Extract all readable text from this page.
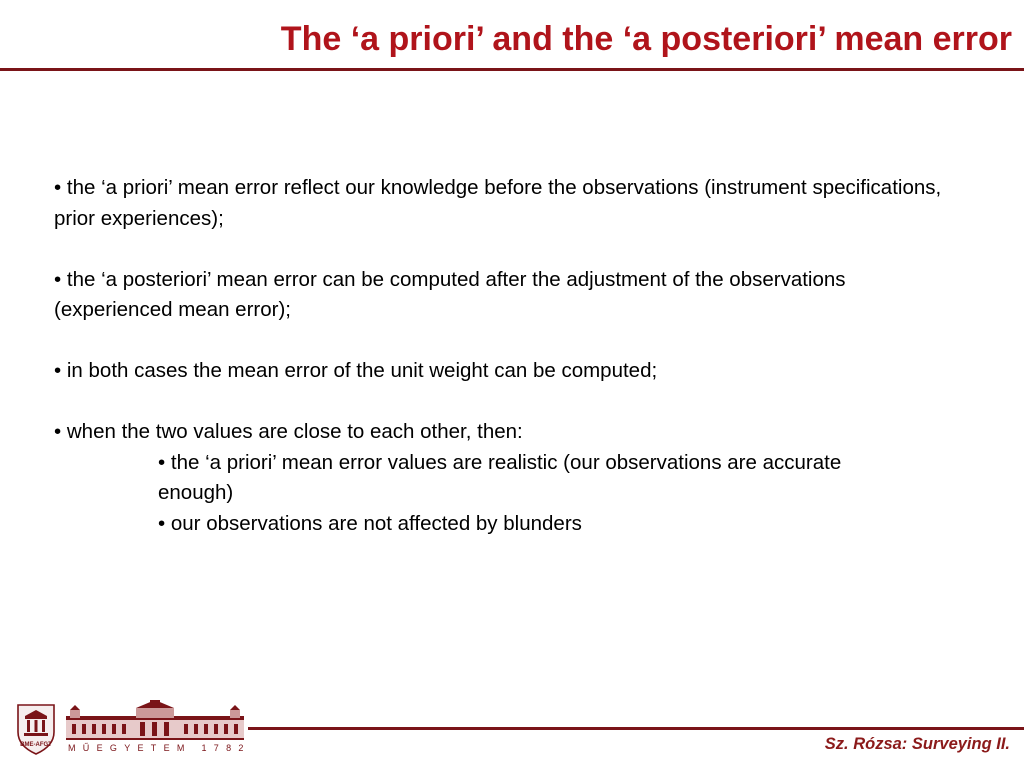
The ‘a priori’ and the ‘a posteriori’ mean error

• the ‘a priori’ mean error reflect our knowledge before the observations (instrument specifications, prior experiences);

• the ‘a posteriori’ mean error can be computed after the adjustment of the observations (experienced mean error);

• in both cases the mean error of the unit weight can be computed;

• when the two values are close to each other, then:

• the ‘a priori’ mean error values are realistic (our observations are accurate enough)

• our observations are not affected by blunders

BME-AFGT	MŰEGYETEM 1782	Sz. Rózsa: Surveying II.
